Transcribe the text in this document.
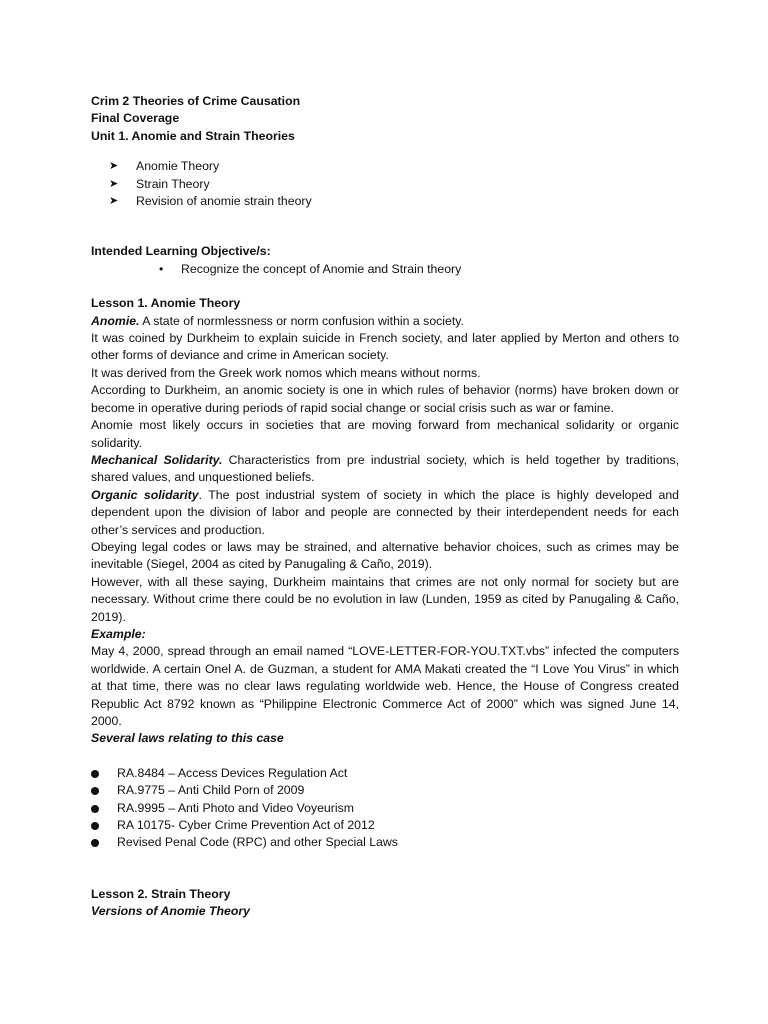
Crim 2 Theories of Crime Causation

Final Coverage

Unit 1. Anomie and Strain Theories

➤ Anomie Theory
➤ Strain Theory
➤ Revision of anomie strain theory

Intended Learning Objective/s:

• Recognize the concept of Anomie and Strain theory

Lesson 1. Anomie Theory

Anomie. A state of normlessness or norm confusion within a society.

It was coined by Durkheim to explain suicide in French society, and later applied by Merton and others to other forms of deviance and crime in American society.

It was derived from the Greek work nomos which means without norms.

According to Durkheim, an anomic society is one in which rules of behavior (norms) have broken down or become in operative during periods of rapid social change or social crisis such as war or famine.

Anomie most likely occurs in societies that are moving forward from mechanical solidarity or organic solidarity.

Mechanical Solidarity. Characteristics from pre industrial society, which is held together by traditions, shared values, and unquestioned beliefs.

Organic solidarity. The post industrial system of society in which the place is highly developed and dependent upon the division of labor and people are connected by their interdependent needs for each other’s services and production.

Obeying legal codes or laws may be strained, and alternative behavior choices, such as crimes may be inevitable (Siegel, 2004 as cited by Panugaling & Caño, 2019).

However, with all these saying, Durkheim maintains that crimes are not only normal for society but are necessary. Without crime there could be no evolution in law (Lunden, 1959 as cited by Panugaling & Caño, 2019).

Example:

May 4, 2000, spread through an email named “LOVE-LETTER-FOR-YOU.TXT.vbs” infected the computers worldwide. A certain Onel A. de Guzman, a student for AMA Makati created the “I Love You Virus” in which at that time, there was no clear laws regulating worldwide web. Hence, the House of Congress created Republic Act 8792 known as “Philippine Electronic Commerce Act of 2000” which was signed June 14, 2000.

Several laws relating to this case

RA.8484 – Access Devices Regulation Act
RA.9775 – Anti Child Porn of 2009
RA.9995 – Anti Photo and Video Voyeurism
RA 10175- Cyber Crime Prevention Act of 2012
Revised Penal Code (RPC) and other Special Laws

Lesson 2. Strain Theory

Versions of Anomie Theory
